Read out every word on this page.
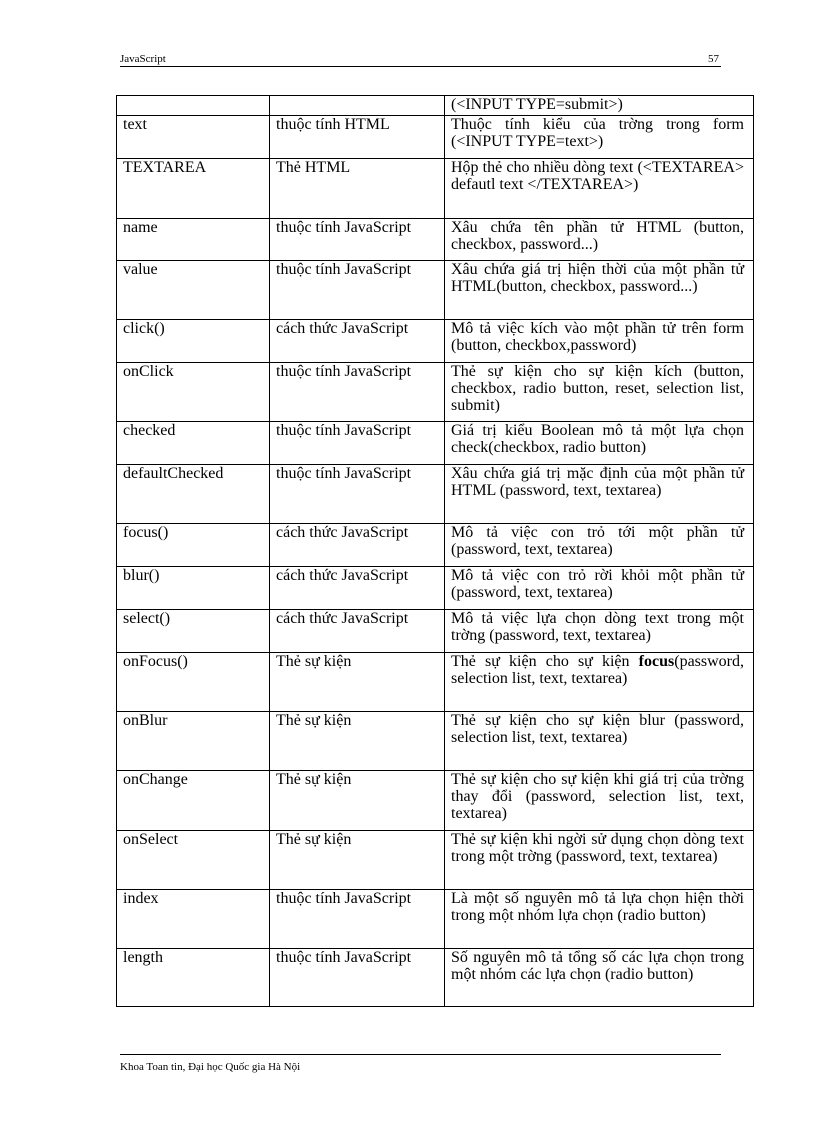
JavaScript	57
		(<INPUT TYPE=submit>)
text	thuộc tính HTML	Thuộc tính kiểu của trờng trong form (<INPUT TYPE=text>)
TEXTAREA	Thẻ HTML	Hộp thẻ cho nhiều dòng text (<TEXTAREA> defautl text </TEXTAREA>)
name	thuộc tính JavaScript	Xâu chứa tên phần tử HTML (button, checkbox, password...)
value	thuộc tính JavaScript	Xâu chứa giá trị hiện thời của một phần tử HTML(button, checkbox, password...)
click()	cách thức JavaScript	Mô tả việc kích vào một phần tử trên form (button, checkbox,password)
onClick	thuộc tính JavaScript	Thẻ sự kiện cho sự kiện kích (button, checkbox, radio button, reset, selection list, submit)
checked	thuộc tính JavaScript	Giá trị kiểu Boolean mô tả một lựa chọn check(checkbox, radio button)
defaultChecked	thuộc tính JavaScript	Xâu chứa giá trị mặc định của một phần tử HTML (password, text, textarea)
focus()	cách thức JavaScript	Mô tả việc con trỏ tới một phần tử (password, text, textarea)
blur()	cách thức JavaScript	Mô tả việc con trỏ rời khỏi một phần tử (password, text, textarea)
select()	cách thức JavaScript	Mô tả việc lựa chọn dòng text trong một trờng (password, text, textarea)
onFocus()	Thẻ sự kiện	Thẻ sự kiện cho sự kiện focus(password, selection list, text, textarea)
onBlur	Thẻ sự kiện	Thẻ sự kiện cho sự kiện blur (password, selection list, text, textarea)
onChange	Thẻ sự kiện	Thẻ sự kiện cho sự kiện khi giá trị của trờng thay đổi (password, selection list, text, textarea)
onSelect	Thẻ sự kiện	Thẻ sự kiện khi ngời sử dụng chọn dòng text trong một trờng (password, text, textarea)
index	thuộc tính JavaScript	Là một số nguyên mô tả lựa chọn hiện thời trong một nhóm lựa chọn (radio button)
length	thuộc tính JavaScript	Số nguyên mô tả tổng số các lựa chọn trong một nhóm các lựa chọn (radio button)
Khoa Toan tin, Đại học Quốc gia Hà Nội
